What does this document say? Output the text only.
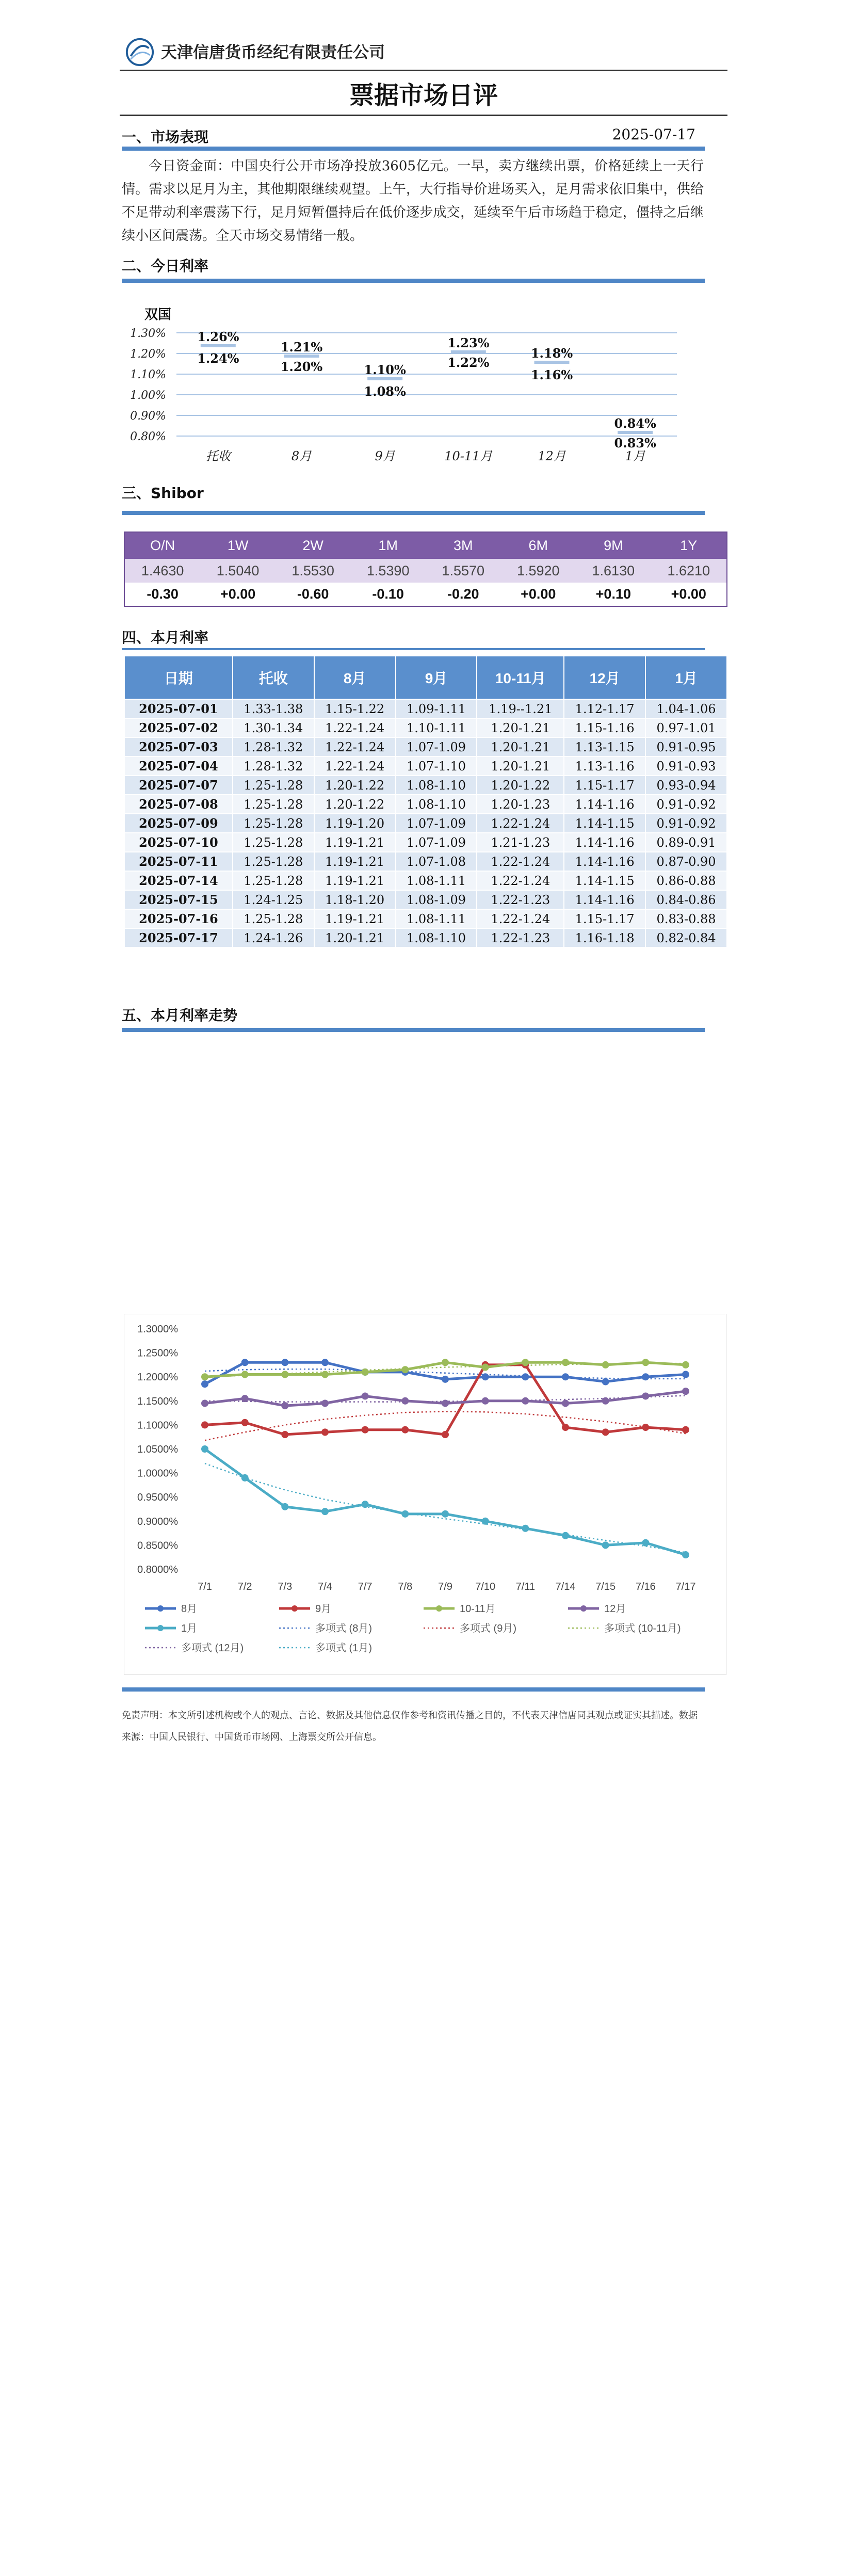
天津信唐货币经纪有限责任公司
票据市场日评
一、市场表现	2025-07-17
今日资金面：中国央行公开市场净投放3605亿元。一早，卖方继续出票，价格延续上一天行情。需求以足月为主，其他期限继续观望。上午，大行指导价进场买入，足月需求依旧集中，供给不足带动利率震荡下行，足月短暂僵持后在低价逐步成交，延续至午后市场趋于稳定，僵持之后继续小区间震荡。全天市场交易情绪一般。
二、今日利率
双国
1.30%
1.20%
1.10%
1.00%
0.90%
0.80%
1.26%
1.24%
托收
1.21%
1.20%
8月
1.10%
1.08%
9月
1.23%
1.22%
10-11月
1.18%
1.16%
12月
0.84%
0.83%
1月
三、Shibor
O/N	1W	2W	1M	3M	6M	9M	1Y
1.4630	1.5040	1.5530	1.5390	1.5570	1.5920	1.6130	1.6210
-0.30	+0.00	-0.60	-0.10	-0.20	+0.00	+0.10	+0.00
四、本月利率
日期	托收	8月	9月	10-11月	12月	1月
2025-07-01	1.33-1.38	1.15-1.22	1.09-1.11	1.19--1.21	1.12-1.17	1.04-1.06
2025-07-02	1.30-1.34	1.22-1.24	1.10-1.11	1.20-1.21	1.15-1.16	0.97-1.01
2025-07-03	1.28-1.32	1.22-1.24	1.07-1.09	1.20-1.21	1.13-1.15	0.91-0.95
2025-07-04	1.28-1.32	1.22-1.24	1.07-1.10	1.20-1.21	1.13-1.16	0.91-0.93
2025-07-07	1.25-1.28	1.20-1.22	1.08-1.10	1.20-1.22	1.15-1.17	0.93-0.94
2025-07-08	1.25-1.28	1.20-1.22	1.08-1.10	1.20-1.23	1.14-1.16	0.91-0.92
2025-07-09	1.25-1.28	1.19-1.20	1.07-1.09	1.22-1.24	1.14-1.15	0.91-0.92
2025-07-10	1.25-1.28	1.19-1.21	1.07-1.09	1.21-1.23	1.14-1.16	0.89-0.91
2025-07-11	1.25-1.28	1.19-1.21	1.07-1.08	1.22-1.24	1.14-1.16	0.87-0.90
2025-07-14	1.25-1.28	1.19-1.21	1.08-1.11	1.22-1.24	1.14-1.15	0.86-0.88
2025-07-15	1.24-1.25	1.18-1.20	1.08-1.09	1.22-1.23	1.14-1.16	0.84-0.86
2025-07-16	1.25-1.28	1.19-1.21	1.08-1.11	1.22-1.24	1.15-1.17	0.83-0.88
2025-07-17	1.24-1.26	1.20-1.21	1.08-1.10	1.22-1.23	1.16-1.18	0.82-0.84
五、本月利率走势
1.3000%
1.2500%
1.2000%
1.1500%
1.1000%
1.0500%
1.0000%
0.9500%
0.9000%
0.8500%
0.8000%
7/1 7/2 7/3 7/4 7/7 7/8 7/9 7/10 7/11 7/14 7/15 7/16 7/17
8月	9月	10-11月	12月
1月	多项式 (8月)	多项式 (9月)	多项式 (10-11月)
多项式 (12月)	多项式 (1月)
免责声明：本文所引述机构或个人的观点、言论、数据及其他信息仅作参考和资讯传播之目的，不代表天津信唐同其观点或证实其描述。数据来源：中国人民银行、中国货币市场网、上海票交所公开信息。
